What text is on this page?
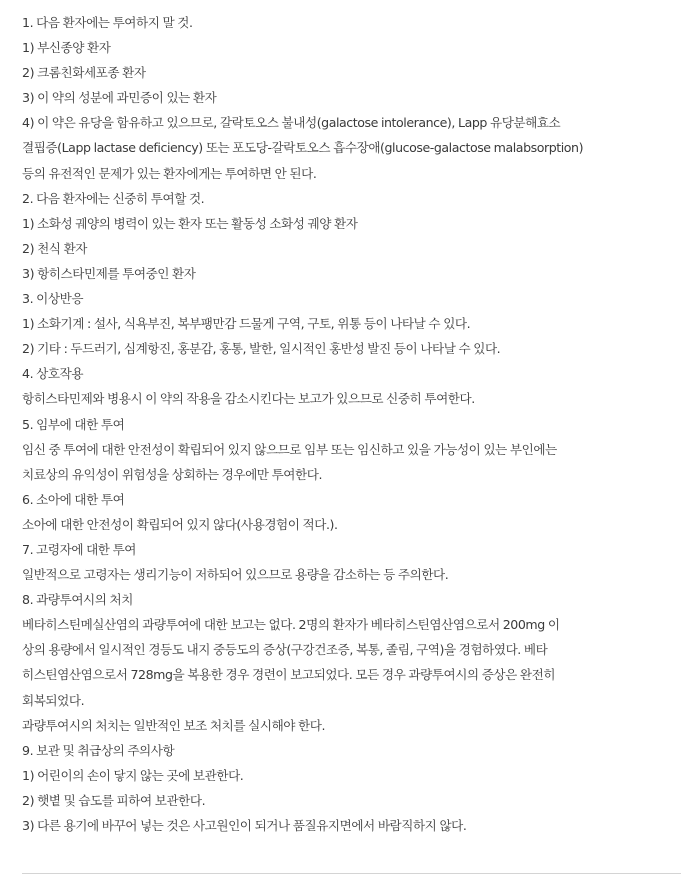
1. 다음 환자에는 투여하지 말 것.
1) 부신종양 환자
2) 크롬친화세포종 환자
3) 이 약의 성분에 과민증이 있는 환자
4) 이 약은 유당을 함유하고 있으므로, 갈락토오스 불내성(galactose intolerance), Lapp 유당분해효소
결핍증(Lapp lactase deficiency) 또는 포도당-갈락토오스 흡수장애(glucose-galactose malabsorption)
등의 유전적인 문제가 있는 환자에게는 투여하면 안 된다.
2. 다음 환자에는 신중히 투여할 것.
1) 소화성 궤양의 병력이 있는 환자 또는 활동성 소화성 궤양 환자
2) 천식 환자
3) 항히스타민제를 투여중인 환자
3. 이상반응
1) 소화기계 : 설사, 식욕부진, 복부팽만감 드물게 구역, 구토, 위통 등이 나타날 수 있다.
2) 기타 : 두드러기, 심계항진, 홍분감, 홍통, 발한, 일시적인 홍반성 발진 등이 나타날 수 있다.
4. 상호작용
항히스타민제와 병용시 이 약의 작용을 감소시킨다는 보고가 있으므로 신중히 투여한다.
5. 임부에 대한 투여
임신 중 투여에 대한 안전성이 확립되어 있지 않으므로 임부 또는 임신하고 있을 가능성이 있는 부인에는
치료상의 유익성이 위험성을 상회하는 경우에만 투여한다.
6. 소아에 대한 투여
소아에 대한 안전성이 확립되어 있지 않다(사용경험이 적다.).
7. 고령자에 대한 투여
일반적으로 고령자는 생리기능이 저하되어 있으므로 용량을 감소하는 등 주의한다.
8. 과량투여시의 처치
베타히스틴메실산염의 과량투여에 대한 보고는 없다. 2명의 환자가 베타히스틴염산염으로서 200mg 이
상의 용량에서 일시적인 경등도 내지 중등도의 증상(구강건조증, 복통, 졸림, 구역)을 경험하였다. 베타
히스틴염산염으로서 728mg을 복용한 경우 경련이 보고되었다. 모든 경우 과량투여시의 증상은 완전히
회복되었다.
과량투여시의 처치는 일반적인 보조 처치를 실시해야 한다.
9. 보관 및 취급상의 주의사항
1) 어린이의 손이 닿지 않는 곳에 보관한다.
2) 햇볕 및 습도를 피하여 보관한다.
3) 다른 용기에 바꾸어 넣는 것은 사고원인이 되거나 품질유지면에서 바람직하지 않다.
